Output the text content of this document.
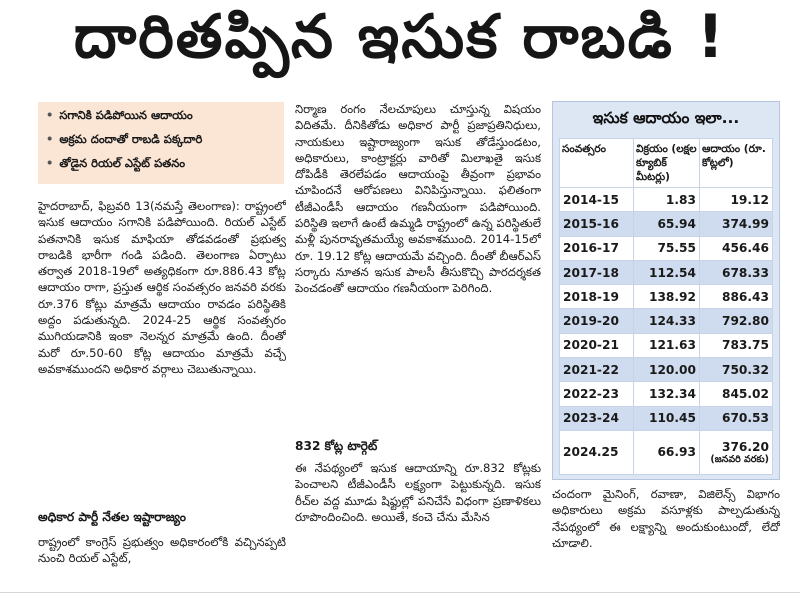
దారితప్పిన ఇసుక రాబడి !
• సగానికి పడిపోయిన ఆదాయం
• అక్రమ దందాతో రాబడి పక్కదారి
• తోడైన రియల్‌ ఎస్టేట్‌ పతనం
హైదరాబాద్‌, ఫిబ్రవరి 13(నమస్తే తెలంగాణ): రాష్ట్రంలో ఇసుక ఆదాయం సగానికి పడిపోయింది. రియల్‌ ఎస్టేట్‌ పతనానికి ఇసుక మాఫియా తోడవడంతో ప్రభుత్వ రాబడికి భారీగా గండి పడింది. తెలంగాణ ఏర్పాటు తర్వాత 2018-19లో అత్యధికంగా రూ.886.43 కోట్ల ఆదాయం రాగా, ప్రస్తుత ఆర్థిక సంవత్సరం జనవరి వరకు రూ.376 కోట్లు మాత్రమే ఆదాయం రావడం పరిస్థితికి అద్దం పడుతున్నది. 2024-25 ఆర్థిక సంవత్సరం ముగియడానికి ఇంకా నెలన్నర మాత్రమే ఉంది. దీంతో మరో రూ.50-60 కోట్ల ఆదాయం మాత్రమే వచ్చే అవకాశముందని అధికార వర్గాలు చెబుతున్నాయి.
అధికార పార్టీ నేతల ఇష్టారాజ్యం
రాష్ట్రంలో కాంగ్రెస్‌ ప్రభుత్వం అధికారంలోకి వచ్చినప్పటి నుంచి రియల్‌ ఎస్టేట్‌,
నిర్మాణ రంగం నేలచూపులు చూస్తున్న విషయం విదితమే. దీనికితోడు అధికార పార్టీ ప్రజాప్రతినిధులు, నాయకులు ఇష్టారాజ్యంగా ఇసుక తోడేస్తుండటం, అధికారులు, కాంట్రాక్టర్లు వారితో మిలాఖతై ఇసుక దోపిడీకి తెరలేపడం ఆదాయంపై తీవ్రంగా ప్రభావం చూపిందనే ఆరోపణలు వినిపిస్తున్నాయి. ఫలితంగా టీజీఎండీసీ ఆదాయం గణనీయంగా పడిపోయింది. పరిస్థితి ఇలాగే ఉంటే ఉమ్మడి రాష్ట్రంలో ఉన్న పరిస్థితులే మళ్లీ పునరావృతమయ్యే అవకాశముంది. 2014-15లో రూ. 19.12 కోట్ల ఆదాయమే వచ్చింది. దీంతో బీఆర్‌ఎస్‌ సర్కారు నూతన ఇసుక పాలసీ తీసుకొచ్చి పారదర్శకత పెంచడంతో ఆదాయం గణనీయంగా పెరిగింది.
832 కోట్ల టార్గెట్‌
ఈ నేపథ్యంలో ఇసుక ఆదాయాన్ని రూ.832 కోట్లకు పెంచాలని టీజీఎండీసీ లక్ష్యంగా పెట్టుకున్నది. ఇసుక రీచ్‌ల వద్ద మూడు షిఫ్టుల్లో పనిచేసే విధంగా ప్రణాళికలు రూపొందించింది. అయితే, కంచె చేను మేసిన
ఇసుక ఆదాయం ఇలా...
సంవత్సరం	విక్రయం (లక్షల క్యూబిక్‌ మీటర్లు)	ఆదాయం (రూ. కోట్లలో)
2014-15	1.83	19.12
2015-16	65.94	374.99
2016-17	75.55	456.46
2017-18	112.54	678.33
2018-19	138.92	886.43
2019-20	124.33	792.80
2020-21	121.63	783.75
2021-22	120.00	750.32
2022-23	132.34	845.02
2023-24	110.45	670.53
2024.25	66.93	376.20
(జనవరి వరకు)
చందంగా మైనింగ్‌, రవాణా, విజిలెన్స్‌ విభాగం అధికారులు అక్రమ వసూళ్లకు పాల్పడుతున్న నేపథ్యంలో ఈ లక్ష్యాన్ని అందుకుంటుందో, లేదో చూడాలి.
